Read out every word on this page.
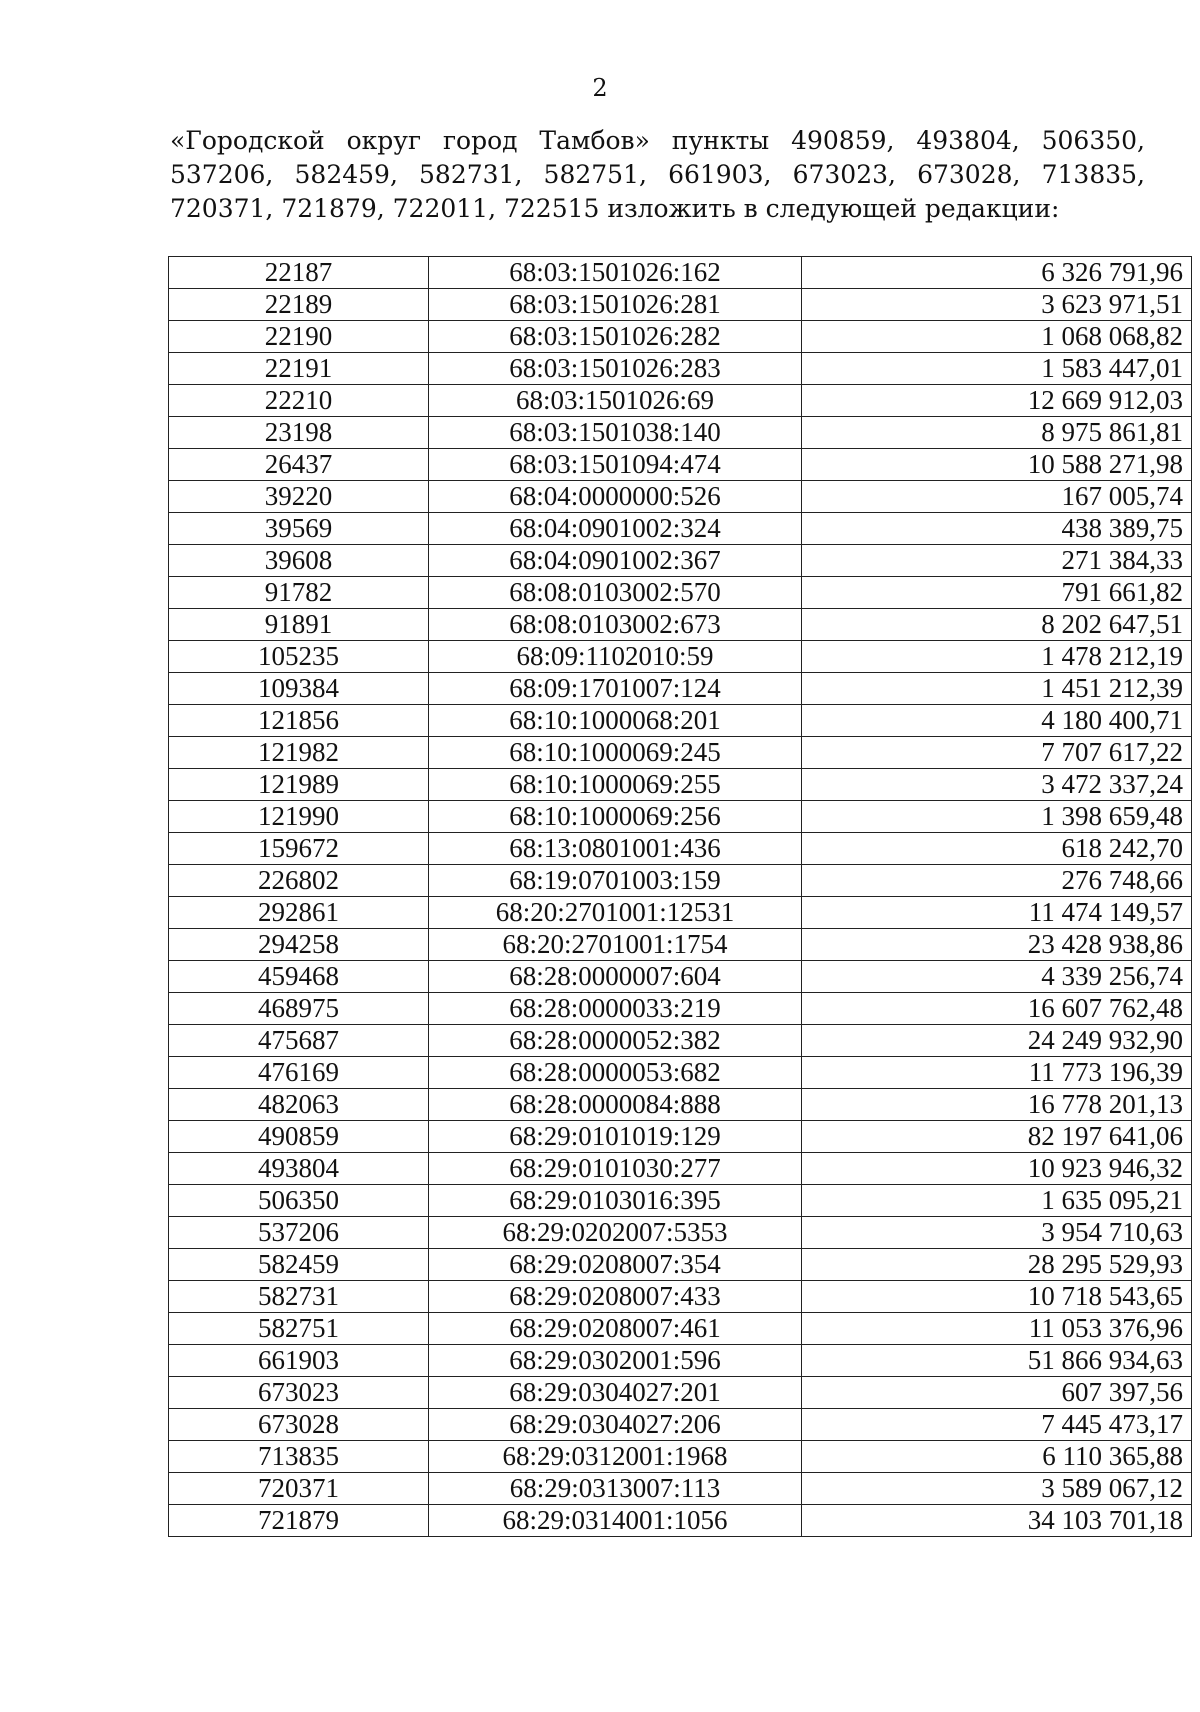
2

«Городской округ город Тамбов» пункты 490859, 493804, 506350, 537206, 582459, 582731, 582751, 661903, 673023, 673028, 713835, 720371, 721879, 722011, 722515 изложить в следующей редакции:

22187	68:03:1501026:162	6 326 791,96
22189	68:03:1501026:281	3 623 971,51
22190	68:03:1501026:282	1 068 068,82
22191	68:03:1501026:283	1 583 447,01
22210	68:03:1501026:69	12 669 912,03
23198	68:03:1501038:140	8 975 861,81
26437	68:03:1501094:474	10 588 271,98
39220	68:04:0000000:526	167 005,74
39569	68:04:0901002:324	438 389,75
39608	68:04:0901002:367	271 384,33
91782	68:08:0103002:570	791 661,82
91891	68:08:0103002:673	8 202 647,51
105235	68:09:1102010:59	1 478 212,19
109384	68:09:1701007:124	1 451 212,39
121856	68:10:1000068:201	4 180 400,71
121982	68:10:1000069:245	7 707 617,22
121989	68:10:1000069:255	3 472 337,24
121990	68:10:1000069:256	1 398 659,48
159672	68:13:0801001:436	618 242,70
226802	68:19:0701003:159	276 748,66
292861	68:20:2701001:12531	11 474 149,57
294258	68:20:2701001:1754	23 428 938,86
459468	68:28:0000007:604	4 339 256,74
468975	68:28:0000033:219	16 607 762,48
475687	68:28:0000052:382	24 249 932,90
476169	68:28:0000053:682	11 773 196,39
482063	68:28:0000084:888	16 778 201,13
490859	68:29:0101019:129	82 197 641,06
493804	68:29:0101030:277	10 923 946,32
506350	68:29:0103016:395	1 635 095,21
537206	68:29:0202007:5353	3 954 710,63
582459	68:29:0208007:354	28 295 529,93
582731	68:29:0208007:433	10 718 543,65
582751	68:29:0208007:461	11 053 376,96
661903	68:29:0302001:596	51 866 934,63
673023	68:29:0304027:201	607 397,56
673028	68:29:0304027:206	7 445 473,17
713835	68:29:0312001:1968	6 110 365,88
720371	68:29:0313007:113	3 589 067,12
721879	68:29:0314001:1056	34 103 701,18
